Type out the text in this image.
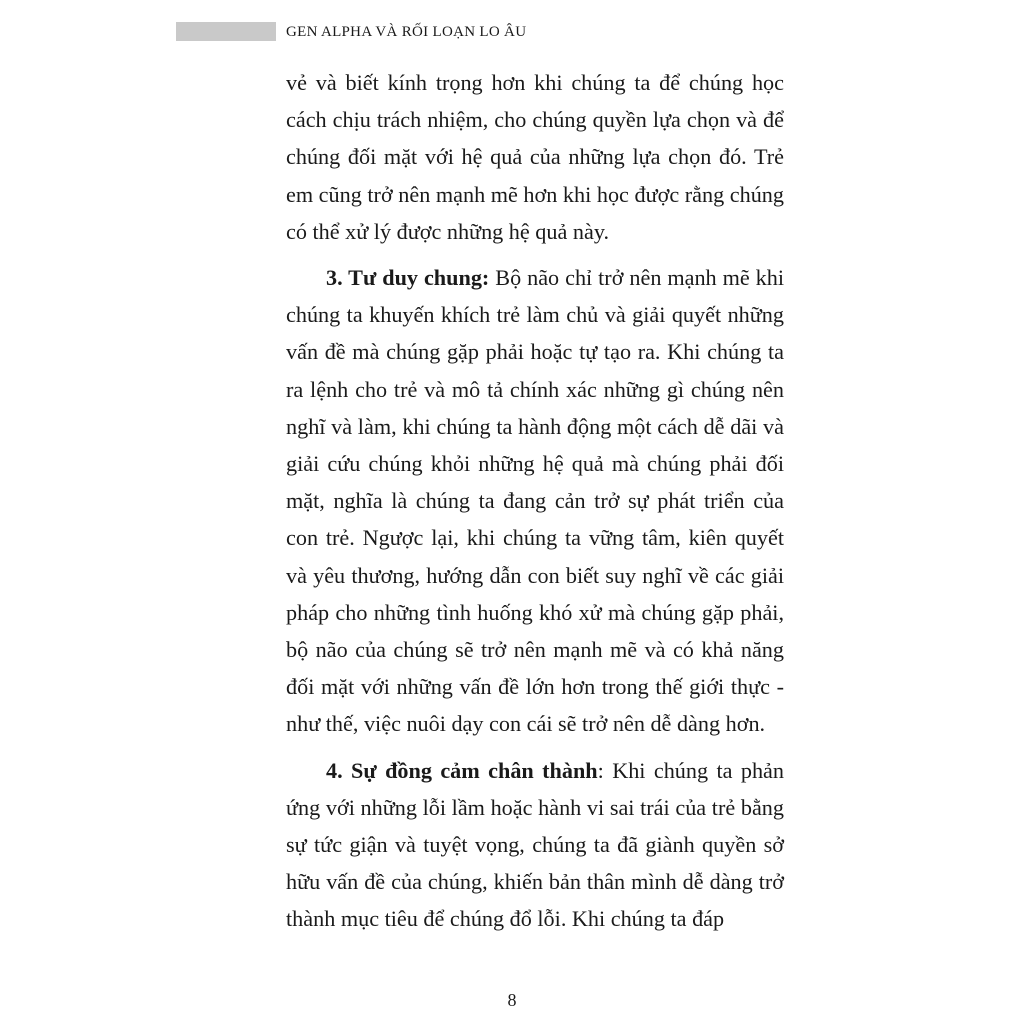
GEN ALPHA VÀ RỐI LOẠN LO ÂU

vẻ và biết kính trọng hơn khi chúng ta để chúng học cách chịu trách nhiệm, cho chúng quyền lựa chọn và để chúng đối mặt với hệ quả của những lựa chọn đó. Trẻ em cũng trở nên mạnh mẽ hơn khi học được rằng chúng có thể xử lý được những hệ quả này.

3. Tư duy chung: Bộ não chỉ trở nên mạnh mẽ khi chúng ta khuyến khích trẻ làm chủ và giải quyết những vấn đề mà chúng gặp phải hoặc tự tạo ra. Khi chúng ta ra lệnh cho trẻ và mô tả chính xác những gì chúng nên nghĩ và làm, khi chúng ta hành động một cách dễ dãi và giải cứu chúng khỏi những hệ quả mà chúng phải đối mặt, nghĩa là chúng ta đang cản trở sự phát triển của con trẻ. Ngược lại, khi chúng ta vững tâm, kiên quyết và yêu thương, hướng dẫn con biết suy nghĩ về các giải pháp cho những tình huống khó xử mà chúng gặp phải, bộ não của chúng sẽ trở nên mạnh mẽ và có khả năng đối mặt với những vấn đề lớn hơn trong thế giới thực - như thế, việc nuôi dạy con cái sẽ trở nên dễ dàng hơn.

4. Sự đồng cảm chân thành: Khi chúng ta phản ứng với những lỗi lầm hoặc hành vi sai trái của trẻ bằng sự tức giận và tuyệt vọng, chúng ta đã giành quyền sở hữu vấn đề của chúng, khiến bản thân mình dễ dàng trở thành mục tiêu để chúng đổ lỗi. Khi chúng ta đáp

8
